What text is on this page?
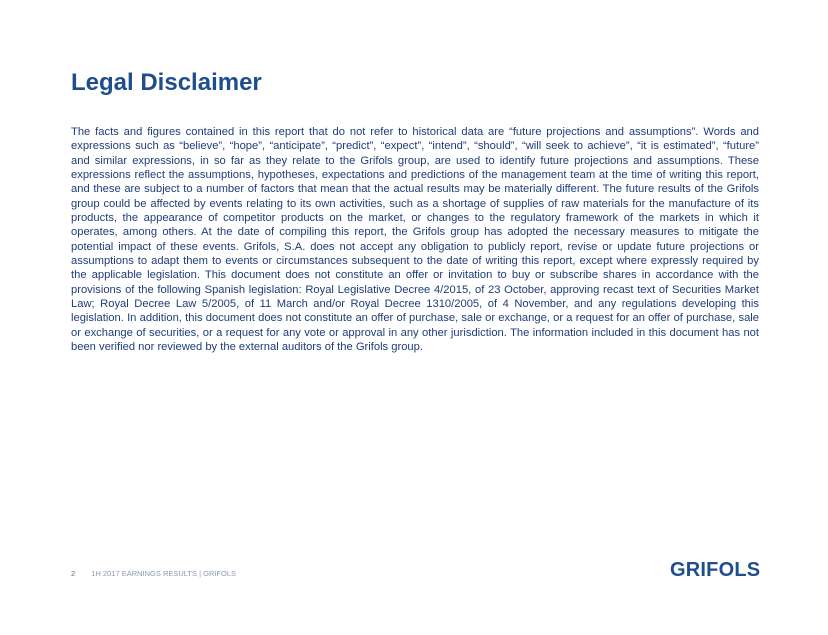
Legal Disclaimer

The facts and figures contained in this report that do not refer to historical data are “future projections and assumptions”. Words and expressions such as “believe”, “hope”, “anticipate”, “predict”, “expect”, “intend”, “should”, “will seek to achieve”, “it is estimated”, “future” and similar expressions, in so far as they relate to the Grifols group, are used to identify future projections and assumptions. These expressions reflect the assumptions, hypotheses, expectations and predictions of the management team at the time of writing this report, and these are subject to a number of factors that mean that the actual results may be materially different. The future results of the Grifols group could be affected by events relating to its own activities, such as a shortage of supplies of raw materials for the manufacture of its products, the appearance of competitor products on the market, or changes to the regulatory framework of the markets in which it operates, among others. At the date of compiling this report, the Grifols group has adopted the necessary measures to mitigate the potential impact of these events. Grifols, S.A. does not accept any obligation to publicly report, revise or update future projections or assumptions to adapt them to events or circumstances subsequent to the date of writing this report, except where expressly required by the applicable legislation. This document does not constitute an offer or invitation to buy or subscribe shares in accordance with the provisions of the following Spanish legislation: Royal Legislative Decree 4/2015, of 23 October, approving recast text of Securities Market Law; Royal Decree Law 5/2005, of 11 March and/or Royal Decree 1310/2005, of 4 November, and any regulations developing this legislation. In addition, this document does not constitute an offer of purchase, sale or exchange, or a request for an offer of purchase, sale or exchange of securities, or a request for any vote or approval in any other jurisdiction. The information included in this document has not been verified nor reviewed by the external auditors of the Grifols group.

2 1H 2017 EARNINGS RESULTS | GRIFOLS	GRIFOLS
